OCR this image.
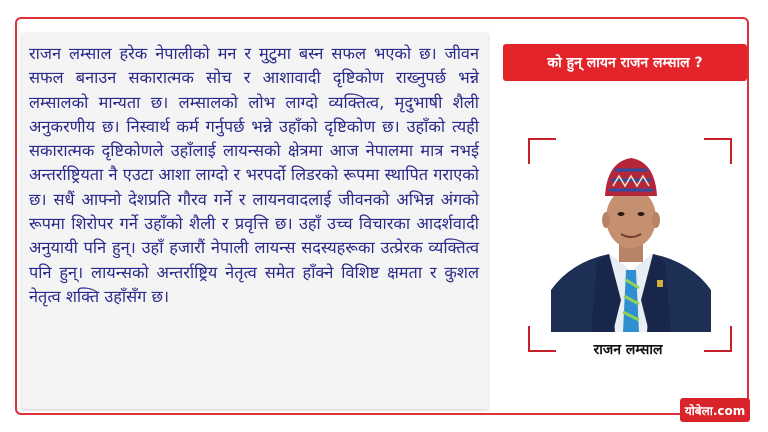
राजन लम्साल हरेक नेपालीको मन र मुटुमा बस्न सफल भएको छ। जीवन सफल बनाउन सकारात्मक सोच र आशावादी दृष्टिकोण राख्नुपर्छ भन्ने लम्सालको मान्यता छ। लम्सालको लोभ लाग्दो व्यक्तित्व, मृदुभाषी शैली अनुकरणीय छ। निस्वार्थ कर्म गर्नुपर्छ भन्ने उहाँको दृष्टिकोण छ। उहाँको त्यही सकारात्मक दृष्टिकोणले उहाँलाई लायन्सको क्षेत्रमा आज नेपालमा मात्र नभई अन्तर्राष्ट्रियता नै एउटा आशा लाग्दो र भरपर्दो लिडरको रूपमा स्थापित गराएको छ। सधैं आफ्नो देशप्रति गौरव गर्ने र लायनवादलाई जीवनको अभिन्न अंगको रूपमा शिरोपर गर्ने उहाँको शैली र प्रवृत्ति छ। उहाँ उच्च विचारका आदर्शवादी अनुयायी पनि हुन्। उहाँ हजारौं नेपाली लायन्स सदस्यहरूका उत्प्रेरक व्यक्तित्व पनि हुन्। लायन्सको अन्तर्राष्ट्रिय नेतृत्व समेत हाँक्ने विशिष्ट क्षमता र कुशल नेतृत्व शक्ति उहाँसँग छ।

को हुन् लायन राजन लम्साल ?
राजन लम्साल
योबेला.com
